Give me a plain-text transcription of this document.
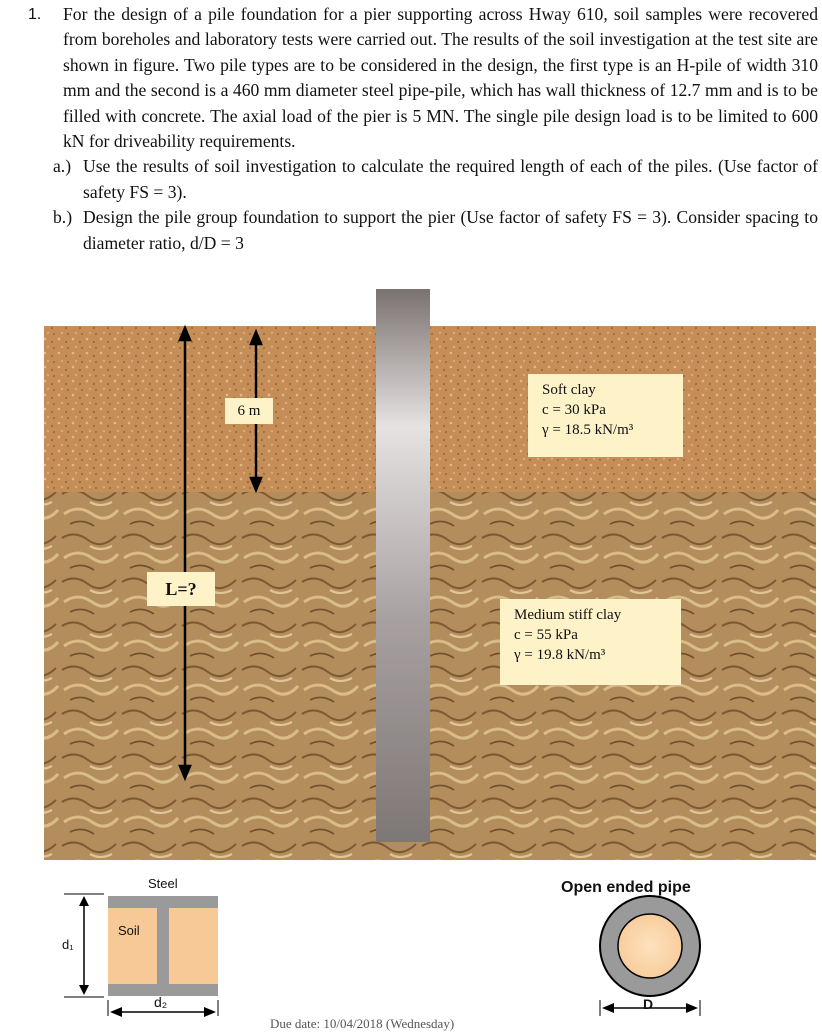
1. For the design of a pile foundation for a pier supporting across Hway 610, soil samples were recovered from boreholes and laboratory tests were carried out. The results of the soil investigation at the test site are shown in figure. Two pile types are to be considered in the design, the first type is an H-pile of width 310 mm and the second is a 460 mm diameter steel pipe-pile, which has wall thickness of 12.7 mm and is to be filled with concrete. The axial load of the pier is 5 MN. The single pile design load is to be limited to 600 kN for driveability requirements.
a.) Use the results of soil investigation to calculate the required length of each of the piles. (Use factor of safety FS = 3).
b.) Design the pile group foundation to support the pier (Use factor of safety FS = 3). Consider spacing to diameter ratio, d/D = 3
6 m
L=?
Soft clay
c = 30 kPa
γ = 18.5 kN/m³
Medium stiff clay
c = 55 kPa
γ = 19.8 kN/m³
Steel
Soil
d₁
d₂
Open ended pipe
D
Due date: 10/04/2018 (Wednesday)
